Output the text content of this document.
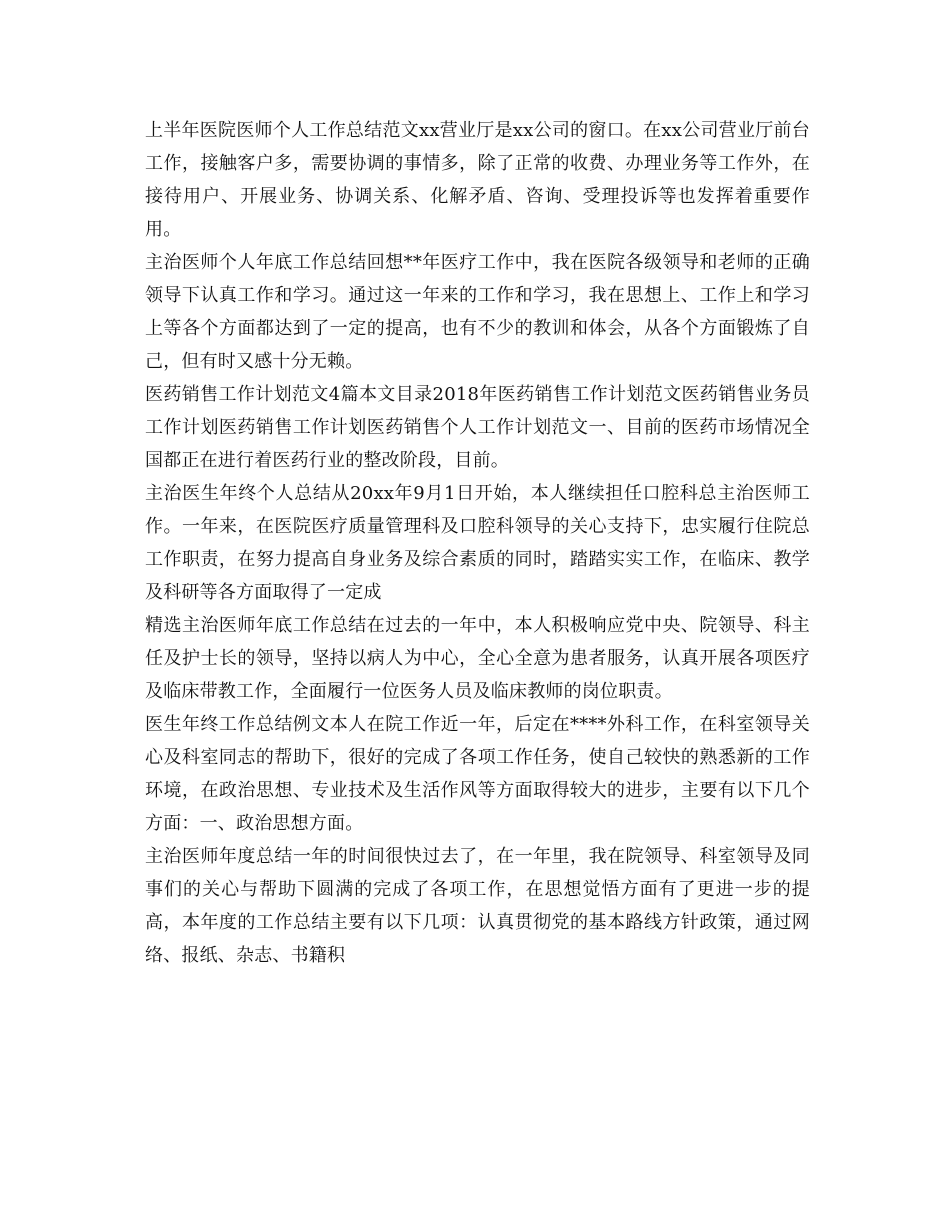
上半年医院医师个人工作总结范文xx营业厅是xx公司的窗口。在xx公司营业厅前台工作，接触客户多，需要协调的事情多，除了正常的收费、办理业务等工作外，在接待用户、开展业务、协调关系、化解矛盾、咨询、受理投诉等也发挥着重要作用。

主治医师个人年底工作总结回想**年医疗工作中，我在医院各级领导和老师的正确领导下认真工作和学习。通过这一年来的工作和学习，我在思想上、工作上和学习上等各个方面都达到了一定的提高，也有不少的教训和体会，从各个方面锻炼了自己，但有时又感十分无赖。

医药销售工作计划范文4篇本文目录2018年医药销售工作计划范文医药销售业务员工作计划医药销售工作计划医药销售个人工作计划范文一、目前的医药市场情况全国都正在进行着医药行业的整改阶段，目前。

主治医生年终个人总结从20xx年9月1日开始，本人继续担任口腔科总主治医师工作。一年来，在医院医疗质量管理科及口腔科领导的关心支持下，忠实履行住院总工作职责，在努力提高自身业务及综合素质的同时，踏踏实实工作，在临床、教学及科研等各方面取得了一定成

精选主治医师年底工作总结在过去的一年中，本人积极响应党中央、院领导、科主任及护士长的领导，坚持以病人为中心，全心全意为患者服务，认真开展各项医疗及临床带教工作，全面履行一位医务人员及临床教师的岗位职责。

医生年终工作总结例文本人在院工作近一年，后定在****外科工作，在科室领导关心及科室同志的帮助下，很好的完成了各项工作任务，使自己较快的熟悉新的工作环境，在政治思想、专业技术及生活作风等方面取得较大的进步，主要有以下几个方面：一、政治思想方面。

主治医师年度总结一年的时间很快过去了，在一年里，我在院领导、科室领导及同事们的关心与帮助下圆满的完成了各项工作，在思想觉悟方面有了更进一步的提高，本年度的工作总结主要有以下几项：认真贯彻党的基本路线方针政策，通过网络、报纸、杂志、书籍积
